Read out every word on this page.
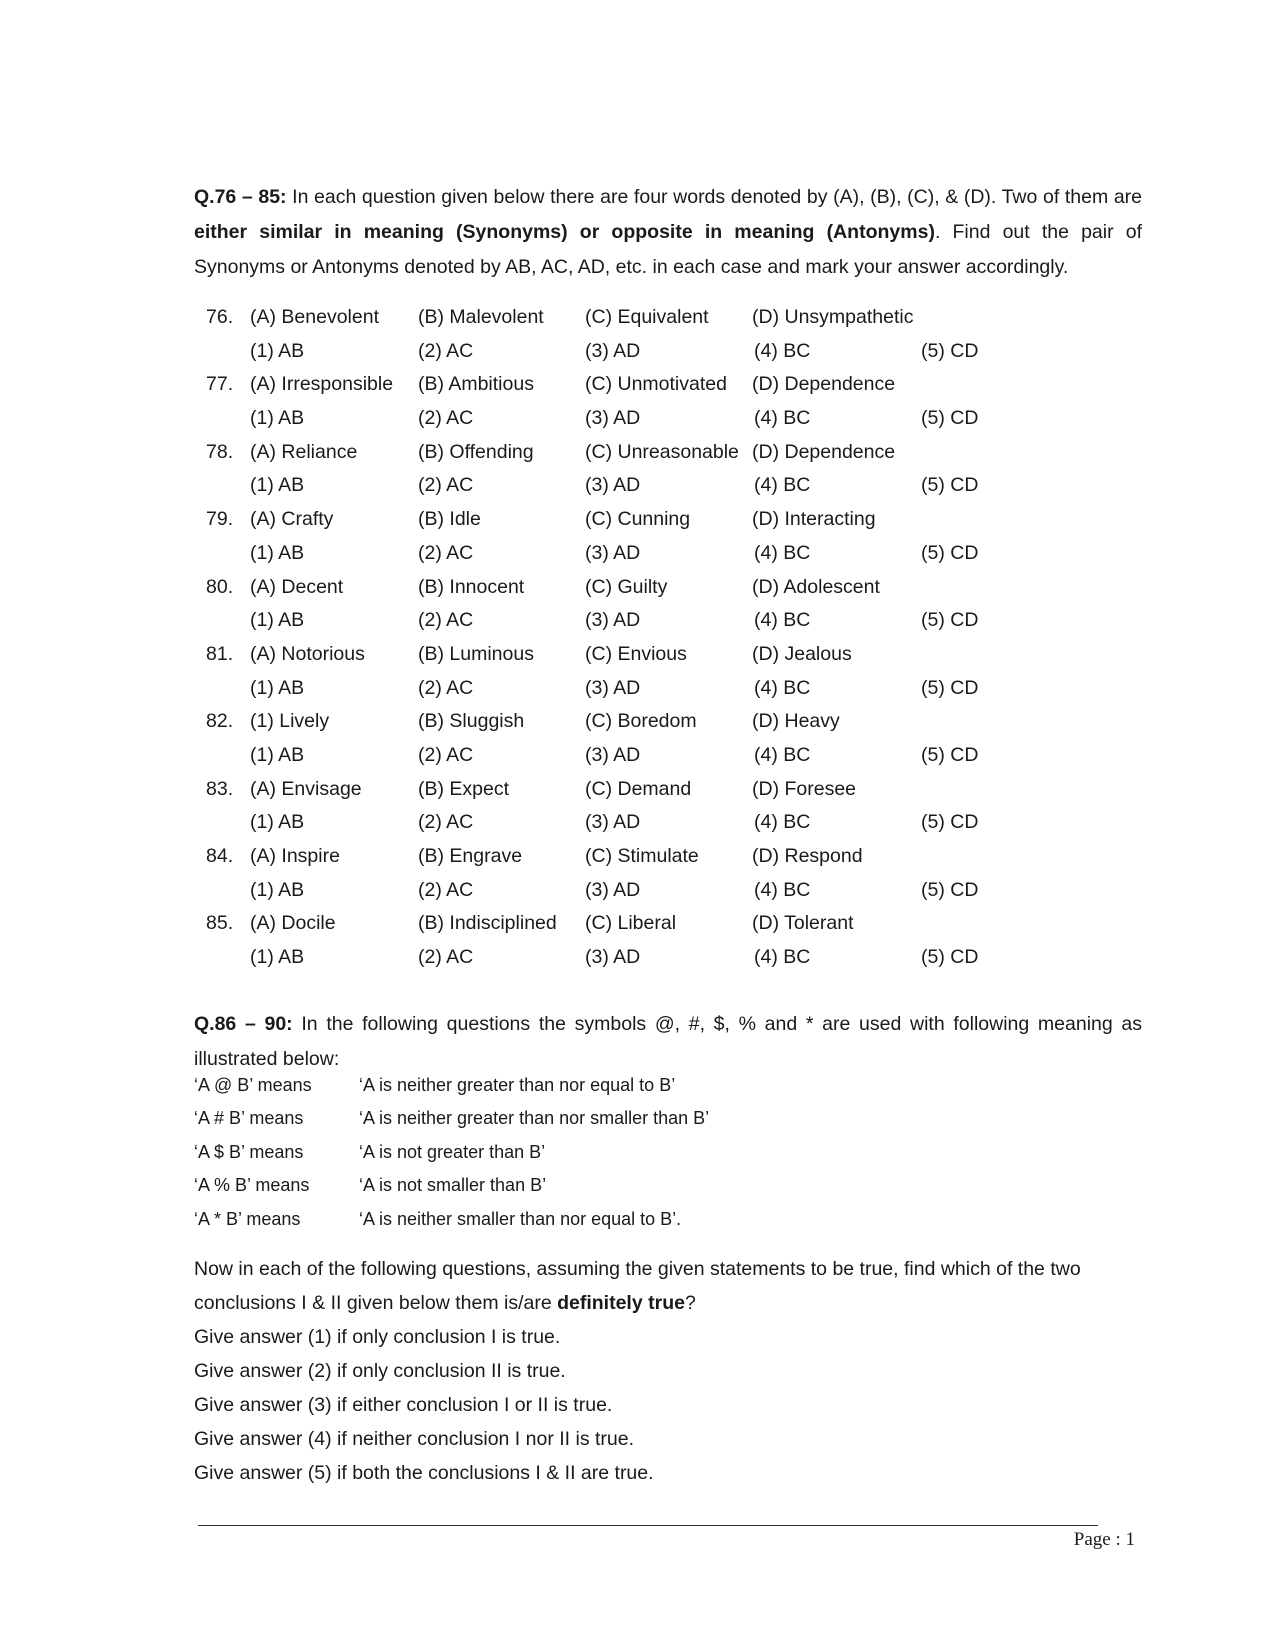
Q.76 – 85: In each question given below there are four words denoted by (A), (B), (C), & (D). Two of them are either similar in meaning (Synonyms) or opposite in meaning (Antonyms). Find out the pair of Synonyms or Antonyms denoted by AB, AC, AD, etc. in each case and mark your answer accordingly.

76. (A) Benevolent (B) Malevolent (C) Equivalent (D) Unsympathetic
(1) AB	(2) AC	(3) AD	(4) BC	(5) CD
77. (A) Irresponsible (B) Ambitious	(C) Unmotivated (D) Dependence
(1) AB	(2) AC	(3) AD	(4) BC	(5) CD
78. (A) Reliance	(B) Offending	(C) Unreasonable (D) Dependence
(1) AB	(2) AC	(3) AD	(4) BC	(5) CD
79. (A) Crafty	(B) Idle	(C) Cunning	(D) Interacting
(1) AB	(2) AC	(3) AD	(4) BC	(5) CD
80. (A) Decent	(B) Innocent	(C) Guilty	(D) Adolescent
(1) AB	(2) AC	(3) AD	(4) BC	(5) CD
81. (A) Notorious	(B) Luminous	(C) Envious	(D) Jealous
(1) AB	(2) AC	(3) AD	(4) BC	(5) CD
82. (1) Lively	(B) Sluggish	(C) Boredom	(D) Heavy
(1) AB	(2) AC	(3) AD	(4) BC	(5) CD
83. (A) Envisage	(B) Expect	(C) Demand	(D) Foresee
(1) AB	(2) AC	(3) AD	(4) BC	(5) CD
84. (A) Inspire	(B) Engrave	(C) Stimulate	(D) Respond
(1) AB	(2) AC	(3) AD	(4) BC	(5) CD
85. (A) Docile	(B) Indisciplined (C) Liberal	(D) Tolerant
(1) AB	(2) AC	(3) AD	(4) BC	(5) CD

Q.86 – 90: In the following questions the symbols @, #, $, % and * are used with following meaning as illustrated below:

‘A @ B’ means	‘A is neither greater than nor equal to B’
‘A # B’ means	‘A is neither greater than nor smaller than B’
‘A $ B’ means	‘A is not greater than B’
‘A % B’ means	‘A is not smaller than B’
‘A * B’ means	‘A is neither smaller than nor equal to B’.
Now in each of the following questions, assuming the given statements to be true, find which of the two conclusions I & II given below them is/are definitely true?
Give answer (1) if only conclusion I is true.
Give answer (2) if only conclusion II is true.
Give answer (3) if either conclusion I or II is true.
Give answer (4) if neither conclusion I nor II is true.
Give answer (5) if both the conclusions I & II are true.
Page : 1
